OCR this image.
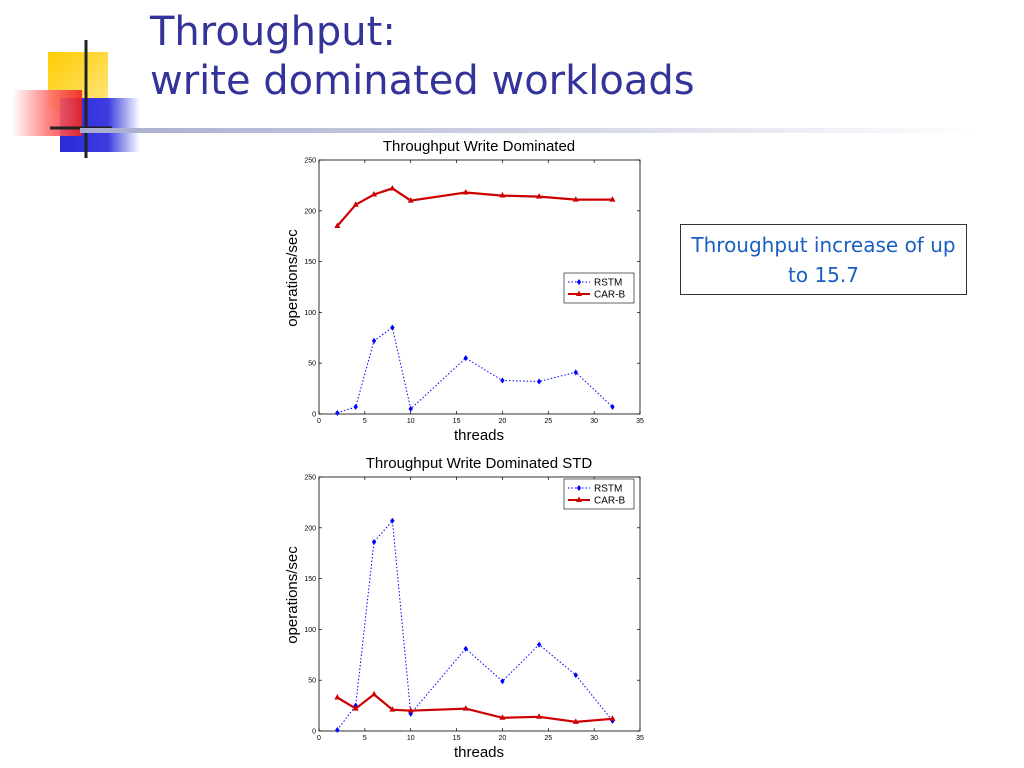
Throughput:
write dominated workloads
Throughput Write Dominated
0	5	10	15	20	25	30	35
0
50
100
150
200
250
threads
operations/sec	RSTM
CAR-B
Throughput Write Dominated STD
0	5	10	15	20	25	30	35
0
50
100
150
200
250
threads
operations/sec
RSTM
CAR-B
Throughput increase of up to 15.7
